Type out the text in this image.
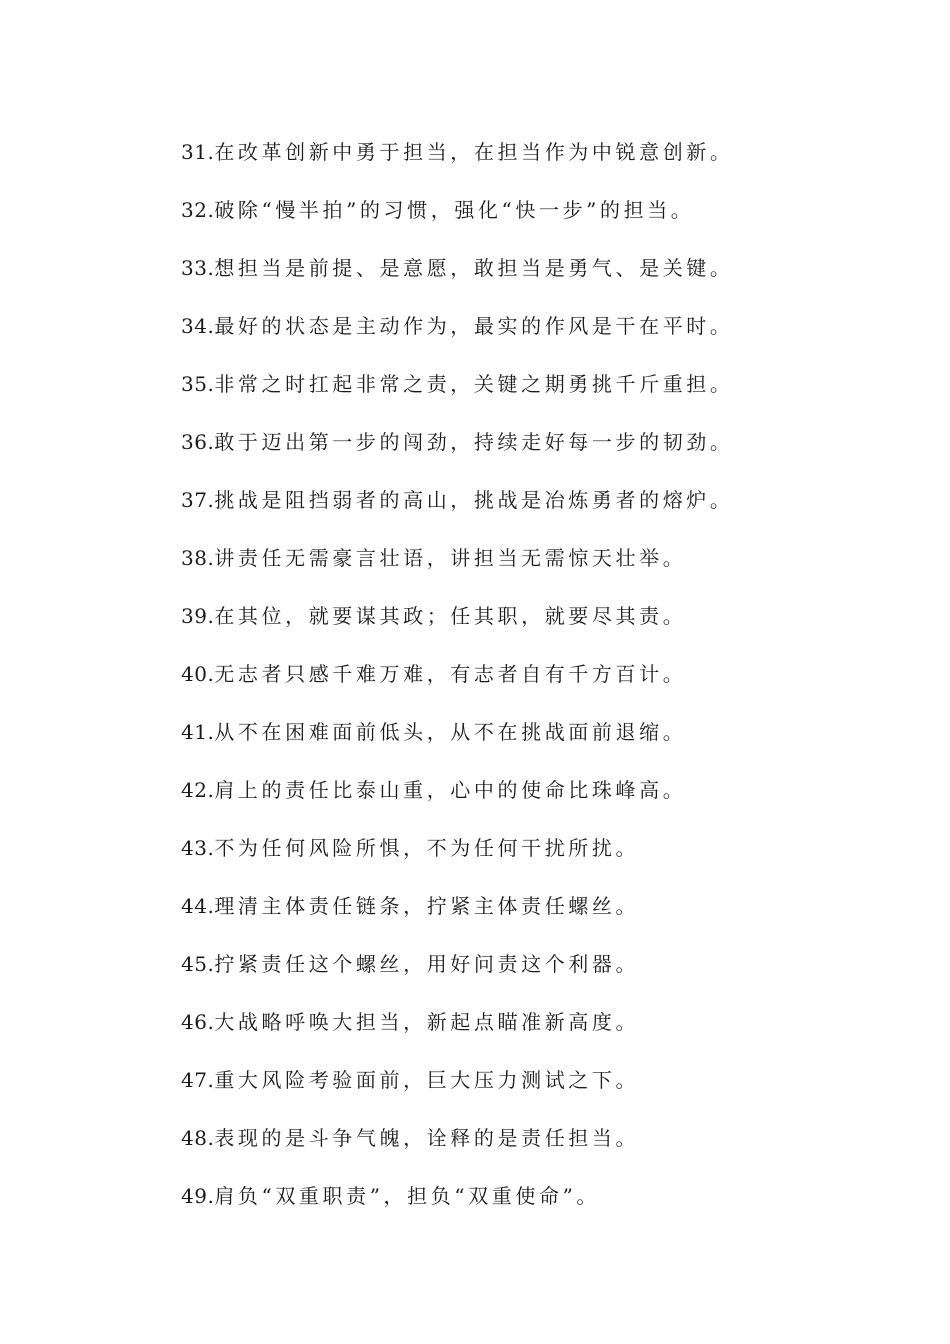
31.在改革创新中勇于担当，在担当作为中锐意创新。
32.破除“慢半拍”的习惯，强化“快一步”的担当。
33.想担当是前提、是意愿，敢担当是勇气、是关键。
34.最好的状态是主动作为，最实的作风是干在平时。
35.非常之时扛起非常之责，关键之期勇挑千斤重担。
36.敢于迈出第一步的闯劲，持续走好每一步的韧劲。
37.挑战是阻挡弱者的高山，挑战是冶炼勇者的熔炉。
38.讲责任无需豪言壮语，讲担当无需惊天壮举。
39.在其位，就要谋其政；任其职，就要尽其责。
40.无志者只感千难万难，有志者自有千方百计。
41.从不在困难面前低头，从不在挑战面前退缩。
42.肩上的责任比泰山重，心中的使命比珠峰高。
43.不为任何风险所惧，不为任何干扰所扰。
44.理清主体责任链条，拧紧主体责任螺丝。
45.拧紧责任这个螺丝，用好问责这个利器。
46.大战略呼唤大担当，新起点瞄准新高度。
47.重大风险考验面前，巨大压力测试之下。
48.表现的是斗争气魄，诠释的是责任担当。
49.肩负“双重职责”，担负“双重使命”。
